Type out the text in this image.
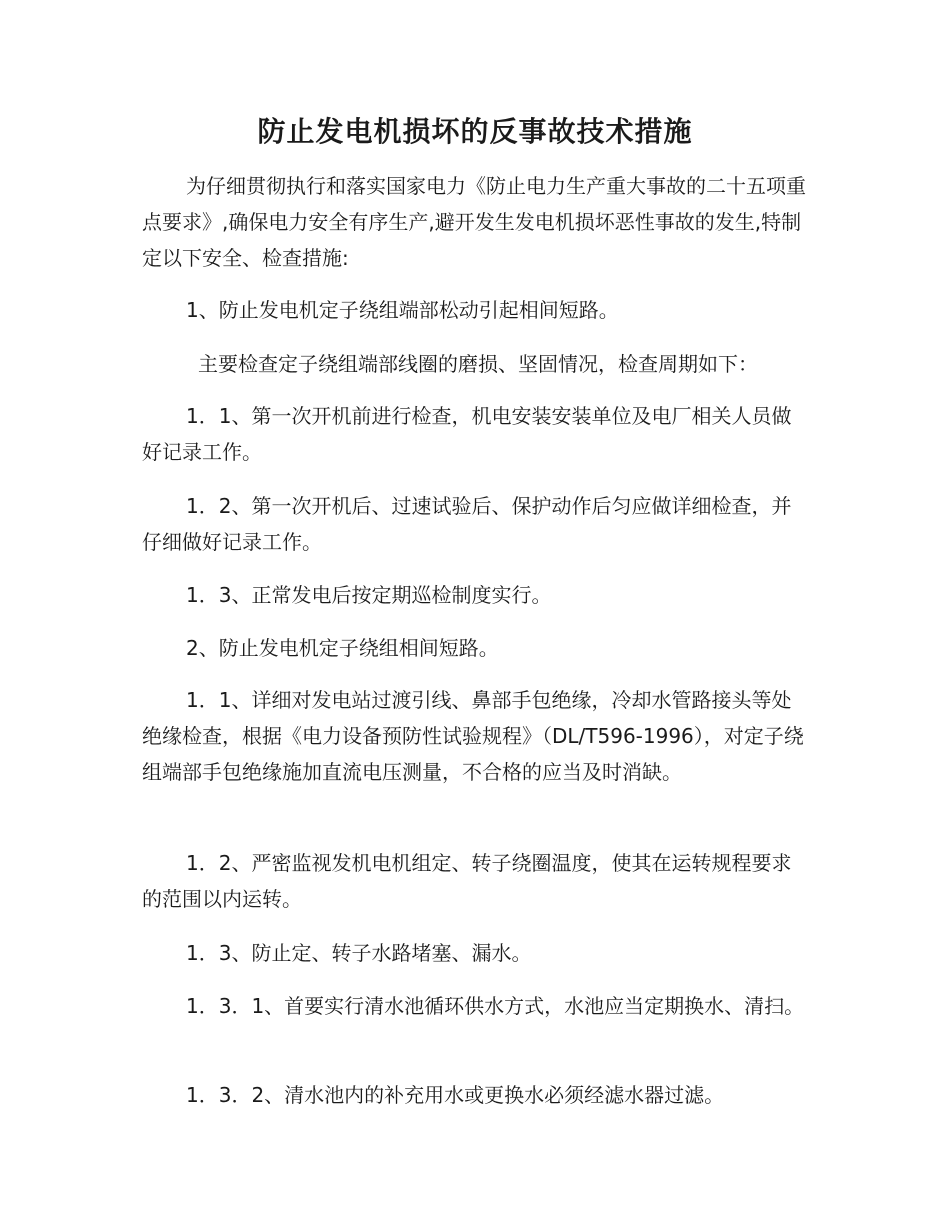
防止发电机损坏的反事故技术措施

为仔细贯彻执行和落实国家电力《防止电力生产重大事故的二十五项重点要求》,确保电力安全有序生产,避开发生发电机损坏恶性事故的发生,特制定以下安全、检查措施:

1、防止发电机定子绕组端部松动引起相间短路。

主要检查定子绕组端部线圈的磨损、坚固情况，检查周期如下：

1．1、第一次开机前进行检查，机电安装安装单位及电厂相关人员做好记录工作。

1．2、第一次开机后、过速试验后、保护动作后匀应做详细检查，并仔细做好记录工作。

1．3、正常发电后按定期巡检制度实行。

2、防止发电机定子绕组相间短路。

1．1、详细对发电站过渡引线、鼻部手包绝缘，冷却水管路接头等处绝缘检查，根据《电力设备预防性试验规程》（DL/T596-1996），对定子绕组端部手包绝缘施加直流电压测量，不合格的应当及时消缺。

1．2、严密监视发机电机组定、转子绕圈温度，使其在运转规程要求的范围以内运转。

1．3、防止定、转子水路堵塞、漏水。

1．3．1、首要实行清水池循环供水方式，水池应当定期换水、清扫。

1．3．2、清水池内的补充用水或更换水必须经滤水器过滤。
